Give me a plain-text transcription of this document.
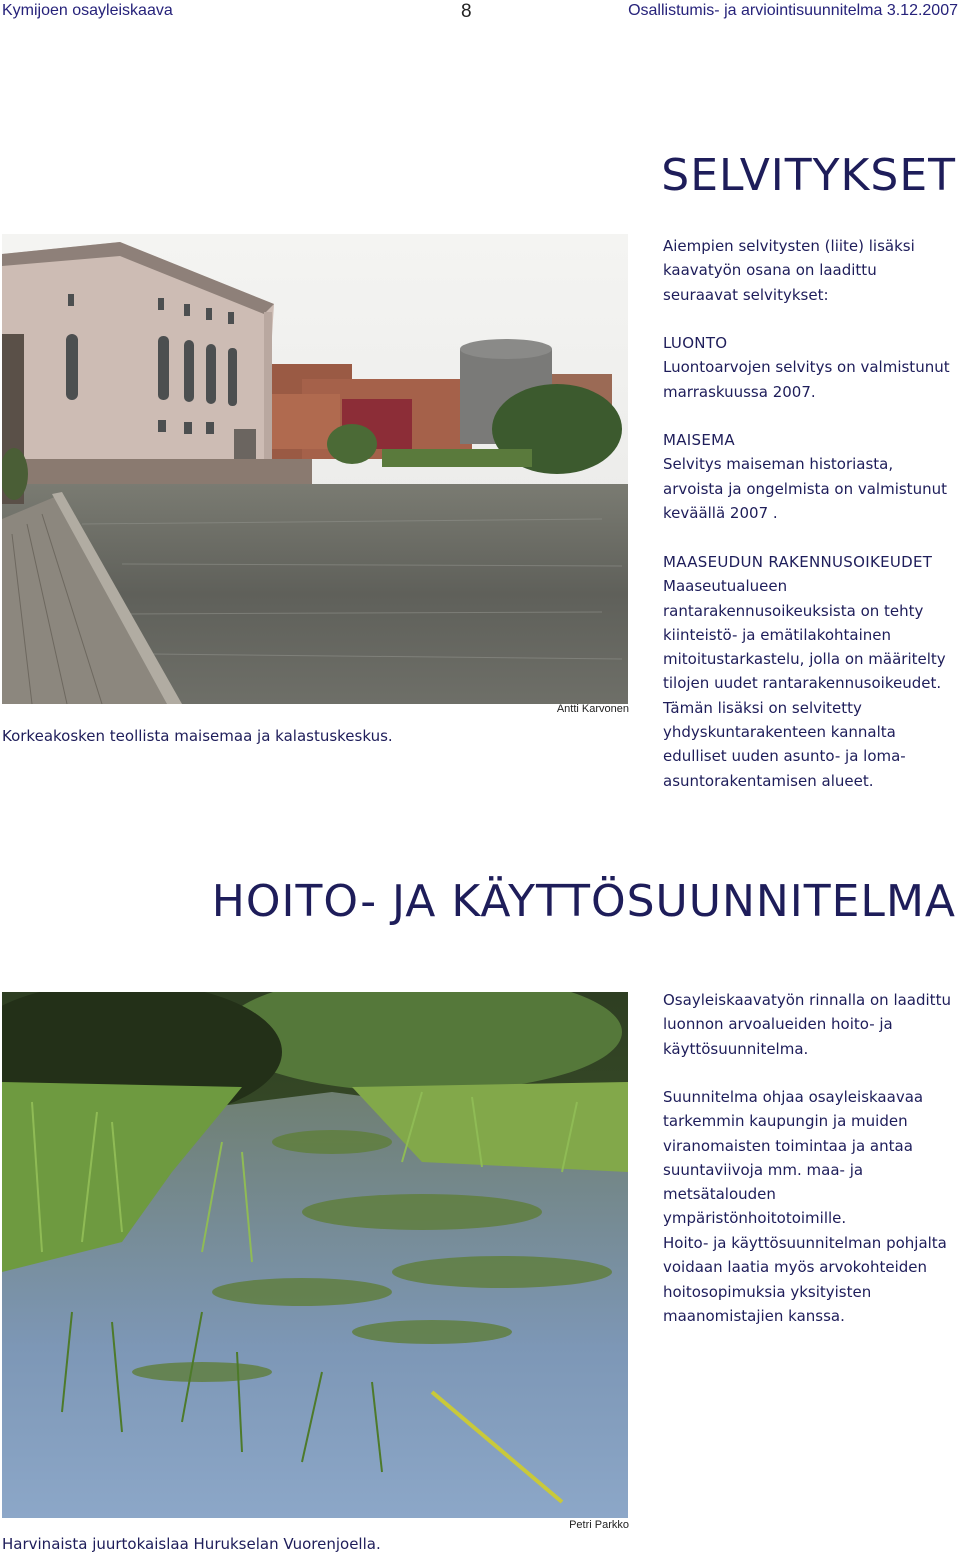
Kymijoen osayleiskaava	8	Osallistumis- ja arviointisuunnitelma 3.12.2007
SELVITYKSET
Korkeakosken teollista maisemaa ja kalastuskeskus.
Antti Karvonen

Aiempien selvitysten (liite) lisäksi kaavatyön osana on laadittu seuraavat selvitykset:

LUONTO

Luontoarvojen selvitys on valmistunut marraskuussa 2007.

MAISEMA

Selvitys maiseman historiasta, arvoista ja ongelmista on valmistunut keväällä 2007 .

MAASEUDUN RAKENNUSOIKEUDET

Maaseutualueen rantarakennusoikeuksista on tehty kiinteistö- ja emätilakohtainen mitoitustarkastelu, jolla on määritelty tilojen uudet rantarakennusoikeudet. Tämän lisäksi on selvitetty yhdyskuntarakenteen kannalta edulliset uuden asunto- ja loma-asuntorakentamisen alueet.

HOITO- JA KÄYTTÖSUUNNITELMA
Harvinaista juurtokaislaa Hurukselan Vuorenjoella.
Petri Parkko

Osayleiskaavatyön rinnalla on laadittu luonnon arvoalueiden hoito- ja käyttösuunnitelma.

Suunnitelma ohjaa osayleiskaavaa tarkemmin kaupungin ja muiden viranomaisten toimintaa ja antaa suuntaviivoja mm. maa- ja metsätalouden ympäristönhoitotoimille.

Hoito- ja käyttösuunnitelman pohjalta voidaan laatia myös arvokohteiden hoitosopimuksia yksityisten maanomistajien kanssa.
